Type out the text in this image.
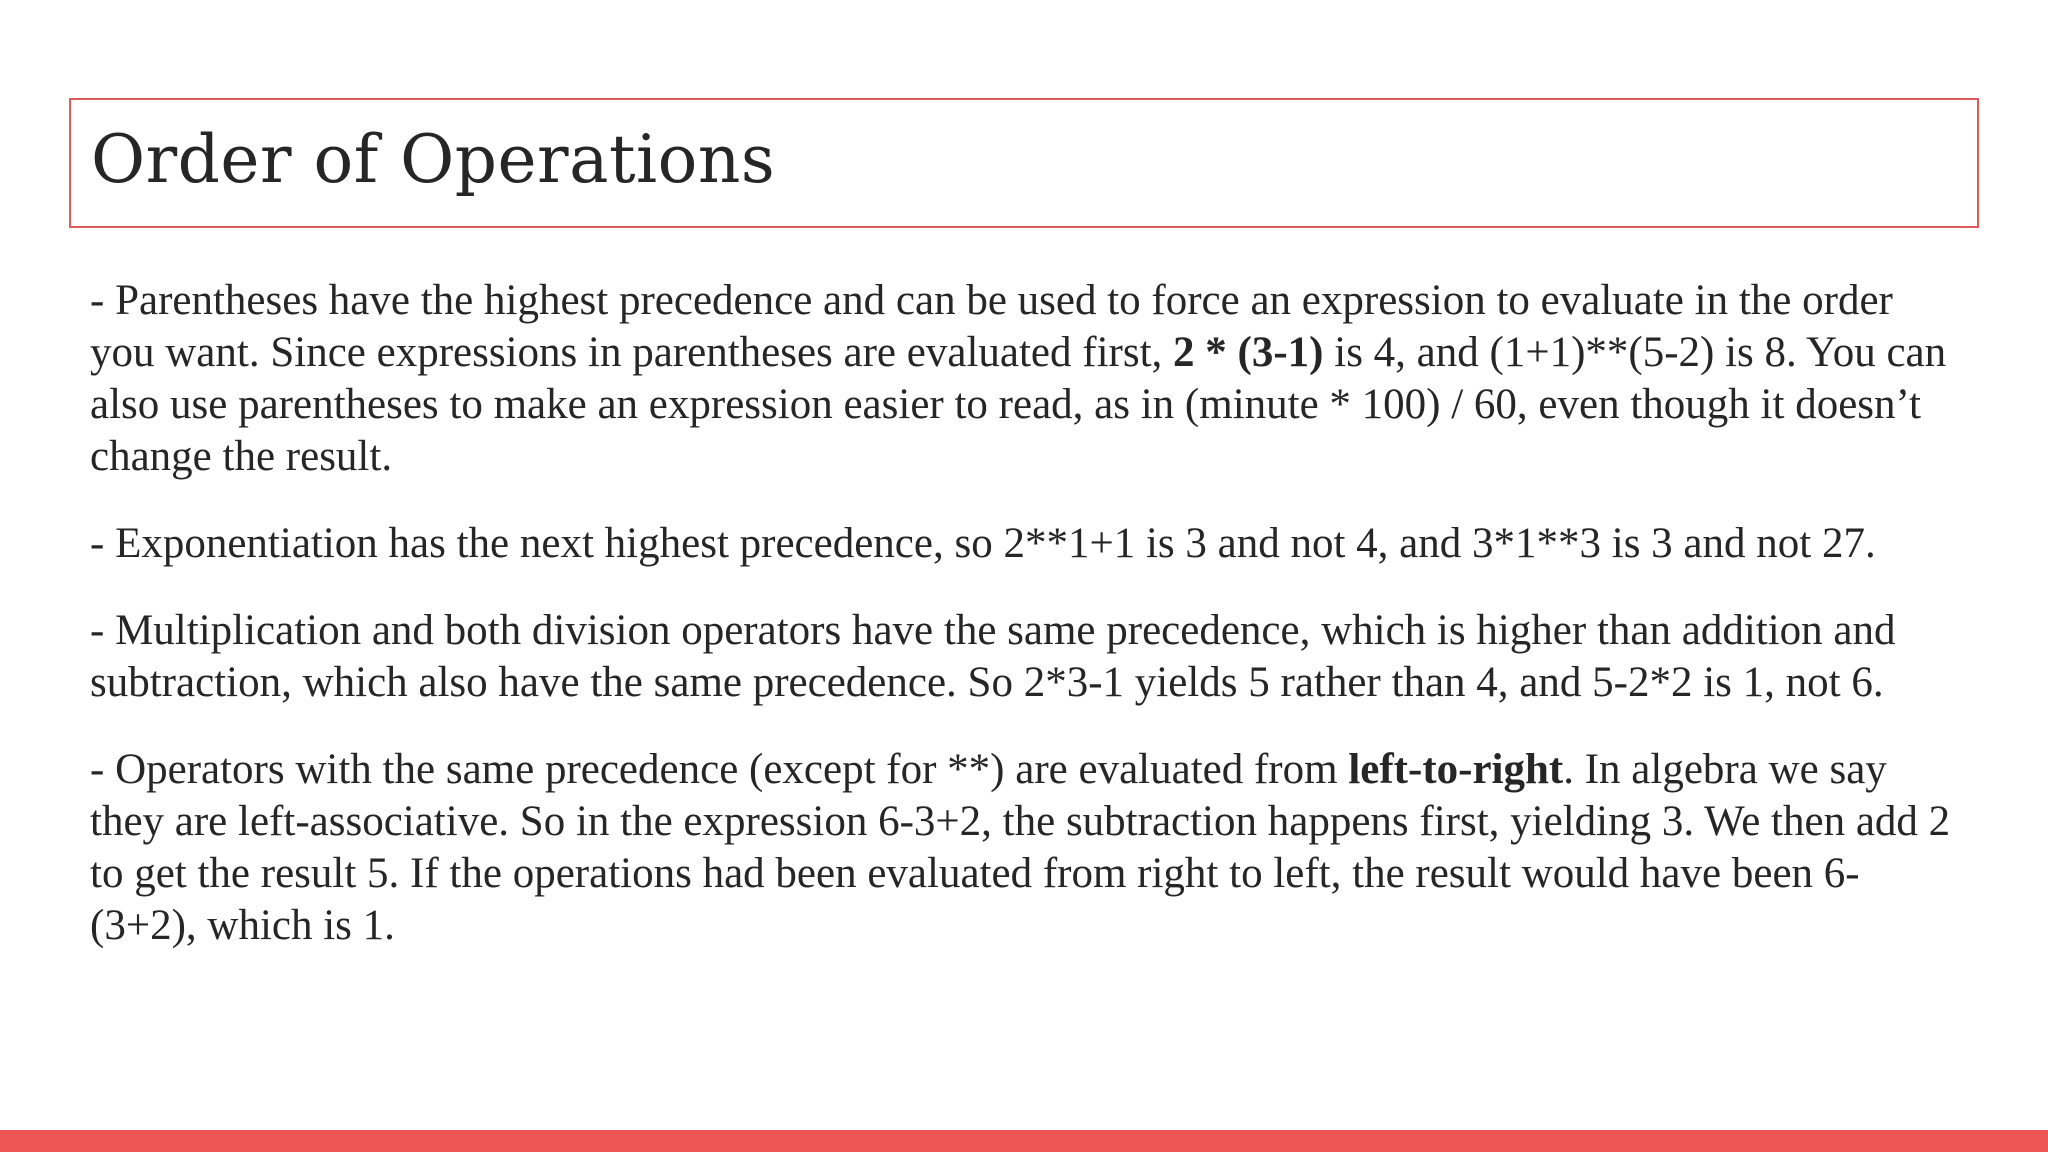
Order of Operations

- Parentheses have the highest precedence and can be used to force an expression to evaluate in the order you want. Since expressions in parentheses are evaluated first, 2 * (3-1) is 4, and (1+1)**(5-2) is 8. You can also use parentheses to make an expression easier to read, as in (minute * 100) / 60, even though it doesn’t change the result.

- Exponentiation has the next highest precedence, so 2**1+1 is 3 and not 4, and 3*1**3 is 3 and not 27.

- Multiplication and both division operators have the same precedence, which is higher than addition and subtraction, which also have the same precedence. So 2*3-1 yields 5 rather than 4, and 5-2*2 is 1, not 6.

- Operators with the same precedence (except for **) are evaluated from left-to-right. In algebra we say they are left-associative. So in the expression 6-3+2, the subtraction happens first, yielding 3. We then add 2 to get the result 5. If the operations had been evaluated from right to left, the result would have been 6-(3+2), which is 1.
